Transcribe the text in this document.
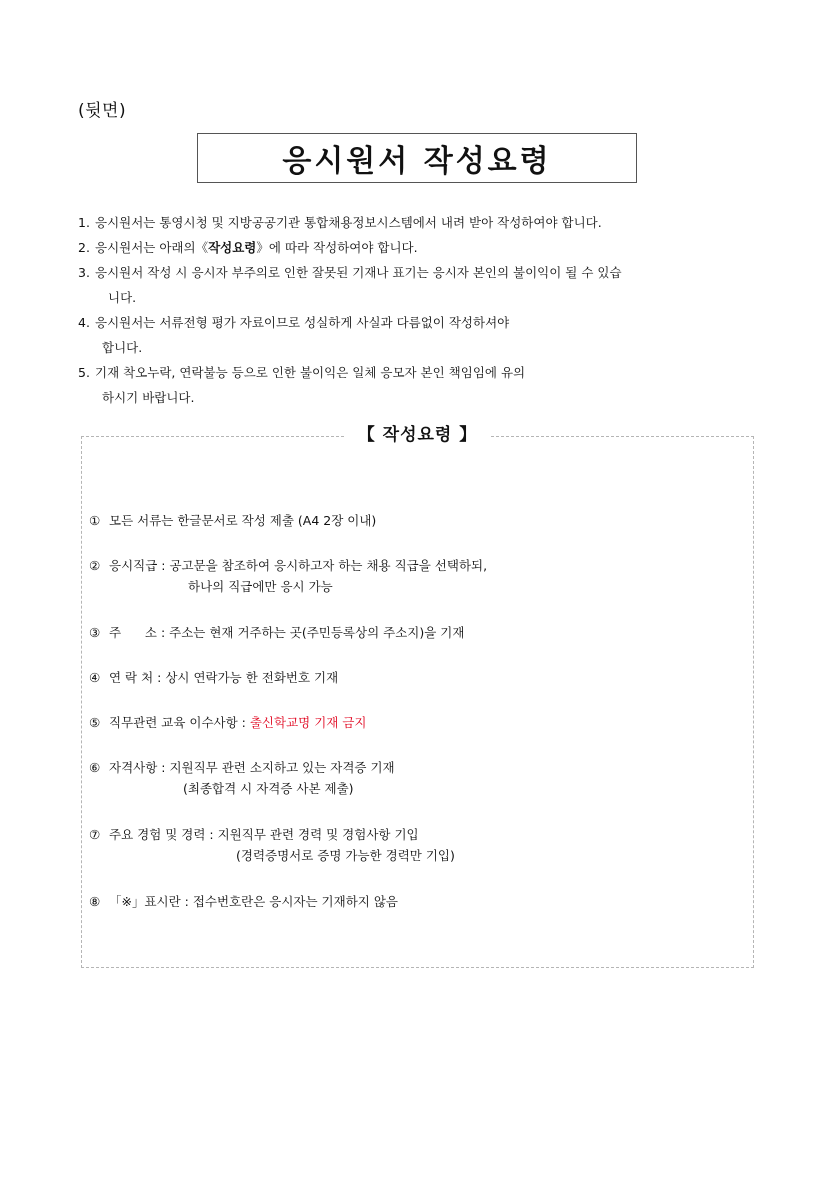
(뒷면)
응시원서 작성요령
1. 응시원서는 통영시청 및 지방공공기관 통합채용정보시스템에서 내려 받아 작성하여야 합니다.
2. 응시원서는 아래의《작성요령》에 따라 작성하여야 합니다.
3. 응시원서 작성 시 응시자 부주의로 인한 잘못된 기재나 표기는 응시자 본인의 불이익이 될 수 있습
니다.
4. 응시원서는 서류전형 평가 자료이므로 성실하게 사실과 다름없이 작성하셔야
합니다.
5. 기재 착오누락, 연락불능 등으로 인한 불이익은 일체 응모자 본인 책임임에 유의
하시기 바랍니다.
【 작성요령 】
① 모든 서류는 한글문서로 작성 제출 (A4 2장 이내)
② 응시직급 : 공고문을 참조하여 응시하고자 하는 채용 직급을 선택하되,
하나의 직급에만 응시 가능
③ 주      소 : 주소는 현재 거주하는 곳(주민등록상의 주소지)을 기재
④ 연 락 처 : 상시 연락가능 한 전화번호 기재
⑤ 직무관련 교육 이수사항 : 출신학교명 기재 금지
⑥ 자격사항 : 지원직무 관련 소지하고 있는 자격증 기재
(최종합격 시 자격증 사본 제출)
⑦ 주요 경험 및 경력 : 지원직무 관련 경력 및 경험사항 기입
(경력증명서로 증명 가능한 경력만 기입)
⑧ 「※」표시란 : 접수번호란은 응시자는 기재하지 않음
